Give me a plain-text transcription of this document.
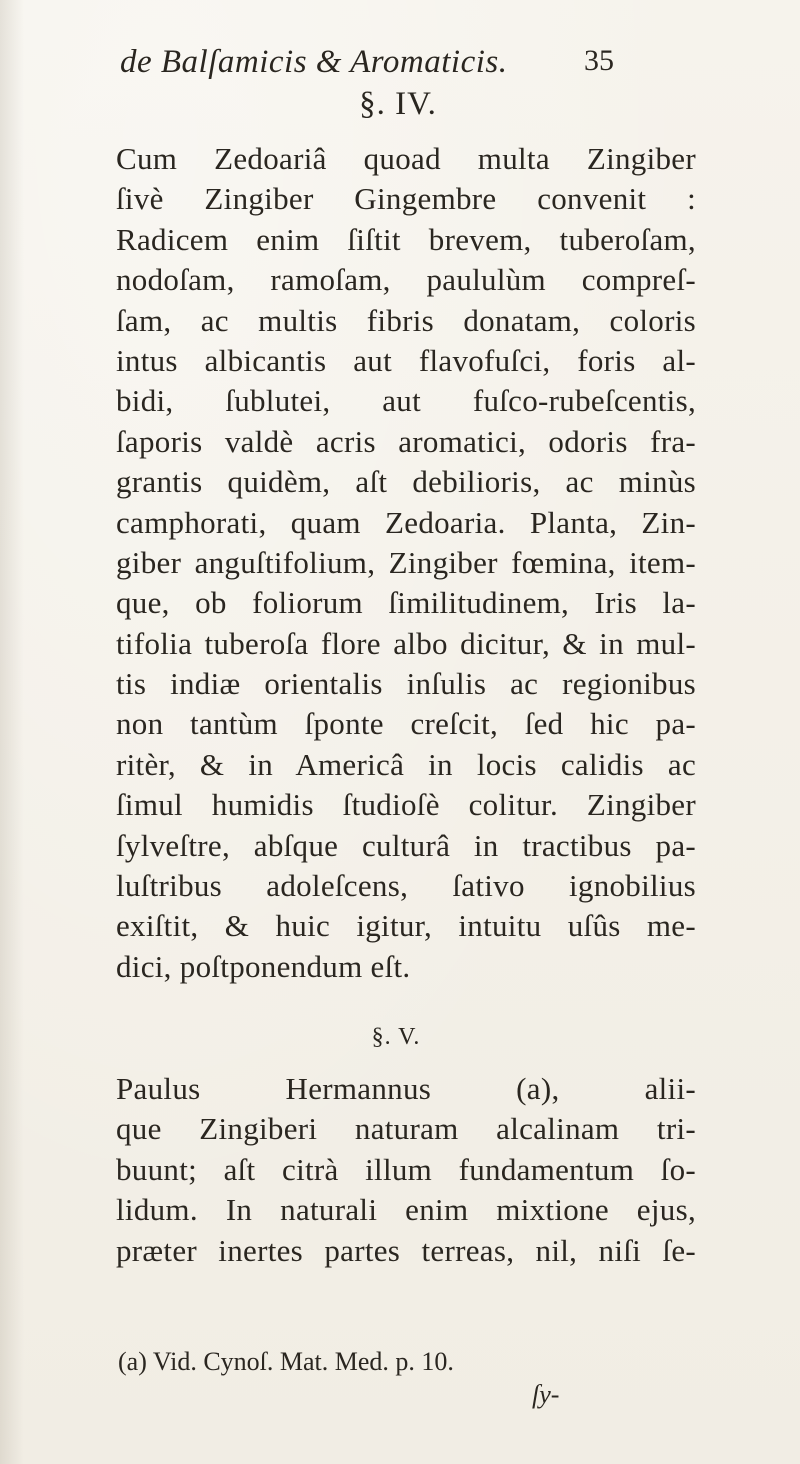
de Balſamicis & Aromaticis.	35
§. IV.
Cum Zedoariâ quoad multa Zingiber
ſivè Zingiber Gingembre convenit :
Radicem enim ſiſtit brevem, tuberoſam,
nodoſam, ramoſam, paululùm compreſ-
ſam, ac multis fibris donatam, coloris
intus albicantis aut flavofuſci, foris al-
bidi, ſublutei, aut fuſco-rubeſcentis,
ſaporis valdè acris aromatici, odoris fra-
grantis quidèm, aſt debilioris, ac minùs
camphorati, quam Zedoaria. Planta, Zin-
giber anguſtifolium, Zingiber fœmina, item-
que, ob foliorum ſimilitudinem, Iris la-
tifolia tuberoſa flore albo dicitur, & in mul-
tis indiæ orientalis inſulis ac regionibus
non tantùm ſponte creſcit, ſed hic pa-
ritèr, & in Americâ in locis calidis ac
ſimul humidis ſtudioſè colitur. Zingiber
ſylveſtre, abſque culturâ in tractibus pa-
luſtribus adoleſcens, ſativo ignobilius
exiſtit, & huic igitur, intuitu uſûs me-
dici, poſtponendum eſt.
§. V.
Paulus Hermannus (a), alii-
que Zingiberi naturam alcalinam tri-
buunt; aſt citrà illum fundamentum ſo-
lidum. In naturali enim mixtione ejus,
præter inertes partes terreas, nil, niſi ſe-
(a) Vid. Cynoſ. Mat. Med. p. 10.
ſy-
